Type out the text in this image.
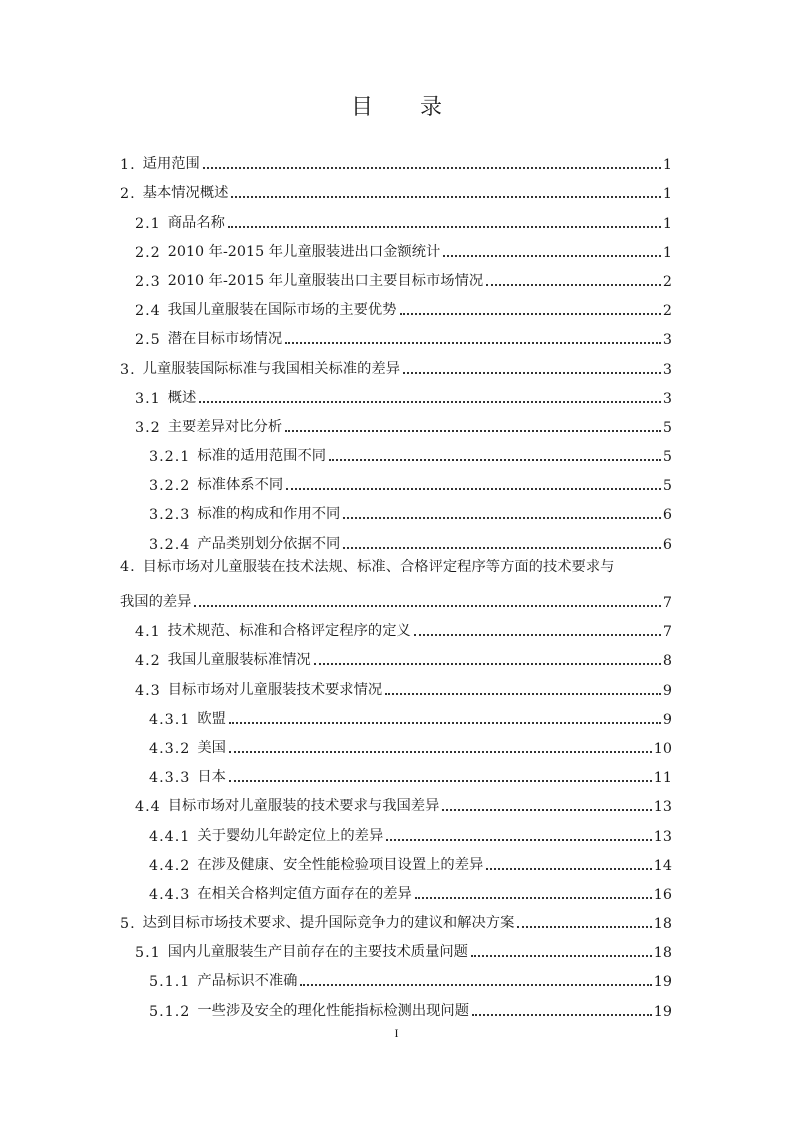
目 录
1. 适用范围	1
2. 基本情况概述	1
2.1 商品名称	1
2.2 2010 年-2015 年儿童服装进出口金额统计	1
2.3 2010 年-2015 年儿童服装出口主要目标市场情况	2
2.4 我国儿童服装在国际市场的主要优势	2
2.5 潜在目标市场情况	3
3. 儿童服装国际标准与我国相关标准的差异	3
3.1 概述	3
3.2 主要差异对比分析	5
3.2.1 标准的适用范围不同	5
3.2.2 标准体系不同	5
3.2.3 标准的构成和作用不同	6
3.2.4 产品类别划分依据不同	6
4. 目标市场对儿童服装在技术法规、标准、合格评定程序等方面的技术要求与
我国的差异	7
4.1 技术规范、标准和合格评定程序的定义	7
4.2 我国儿童服装标准情况	8
4.3 目标市场对儿童服装技术要求情况	9
4.3.1 欧盟	9
4.3.2 美国	10
4.3.3 日本	11
4.4 目标市场对儿童服装的技术要求与我国差异	13
4.4.1 关于婴幼儿年龄定位上的差异	13
4.4.2 在涉及健康、安全性能检验项目设置上的差异	14
4.4.3 在相关合格判定值方面存在的差异	16
5. 达到目标市场技术要求、提升国际竞争力的建议和解决方案	18
5.1 国内儿童服装生产目前存在的主要技术质量问题	18
5.1.1 产品标识不准确	19
5.1.2 一些涉及安全的理化性能指标检测出现问题	19
I
